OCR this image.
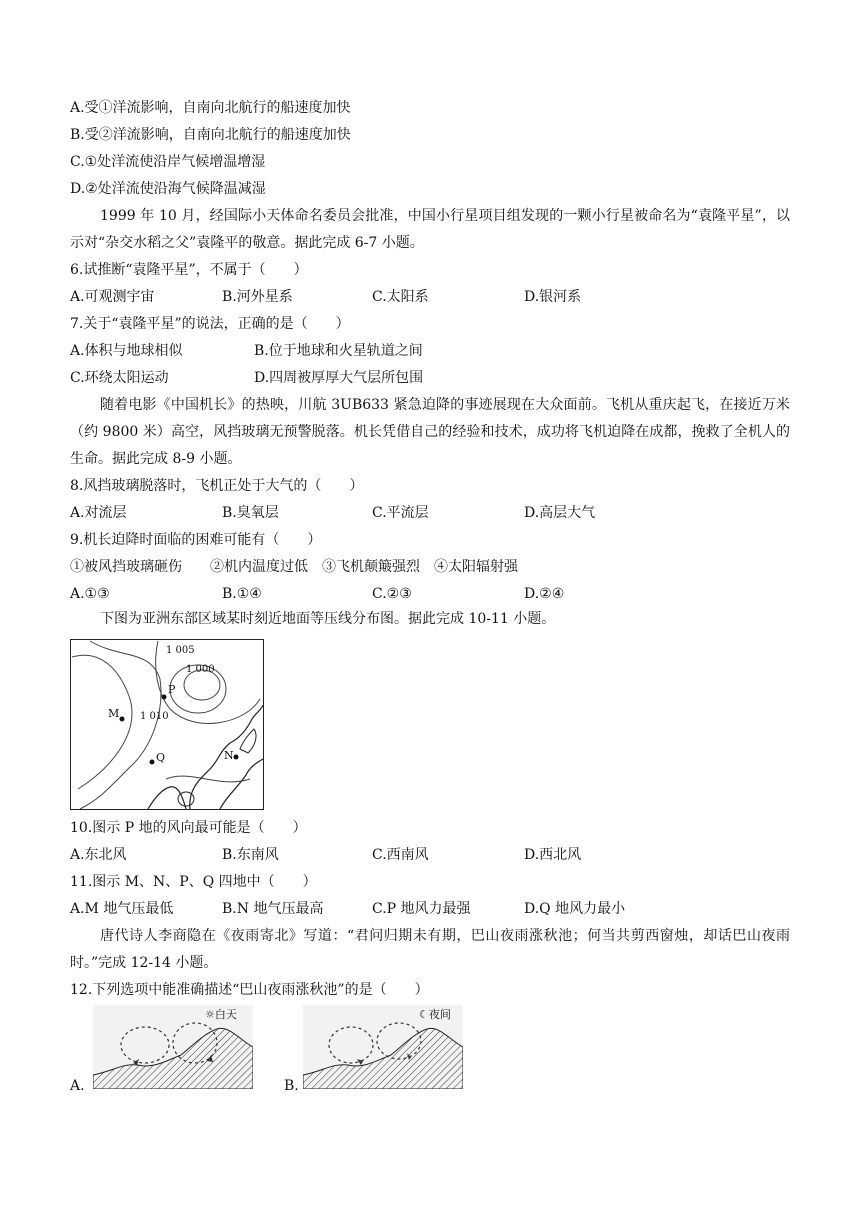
A.受①洋流影响，自南向北航行的船速度加快
B.受②洋流影响，自南向北航行的船速度加快
C.①处洋流使沿岸气候增温增湿
D.②处洋流使沿海气候降温减湿
1999 年 10 月，经国际小天体命名委员会批准，中国小行星项目组发现的一颗小行星被命名为“袁隆平星”，以示对“杂交水稻之父”袁隆平的敬意。据此完成 6-7 小题。
6.试推断“袁隆平星”，不属于（　　）
A.可观测宇宙	B.河外星系	C.太阳系	D.银河系
7.关于“袁隆平星”的说法，正确的是（　　）
A.体积与地球相似	B.位于地球和火星轨道之间
C.环绕太阳运动	D.四周被厚厚大气层所包围
随着电影《中国机长》的热映，川航 3UB633 紧急迫降的事迹展现在大众面前。飞机从重庆起飞，在接近万米（约 9800 米）高空，风挡玻璃无预警脱落。机长凭借自己的经验和技术，成功将飞机迫降在成都，挽救了全机人的生命。据此完成 8-9 小题。
8.风挡玻璃脱落时，飞机正处于大气的（　　）
A.对流层	B.臭氧层	C.平流层	D.高层大气
9.机长迫降时面临的困难可能有（　　）
①被风挡玻璃砸伤　　②机内温度过低　③飞机颠簸强烈　④太阳辐射强
A.①③	B.①④	C.②③	D.②④
下图为亚洲东部区域某时刻近地面等压线分布图。据此完成 10-11 小题。
1 005
1 000
1 010
M
P
Q	N
10.图示 P 地的风向最可能是（　　）
A.东北风	B.东南风	C.西南风	D.西北风
11.图示 M、N、P、Q 四地中（　　）
A.M 地气压最低	B.N 地气压最高	C.P 地风力最强	D.Q 地风力最小
唐代诗人李商隐在《夜雨寄北》写道：“君问归期未有期，巴山夜雨涨秋池；何当共剪西窗烛，却话巴山夜雨时。”完成 12-14 小题。
12.下列选项中能准确描述“巴山夜雨涨秋池”的是（　　）
A.
☼白天
B.
☾夜间
